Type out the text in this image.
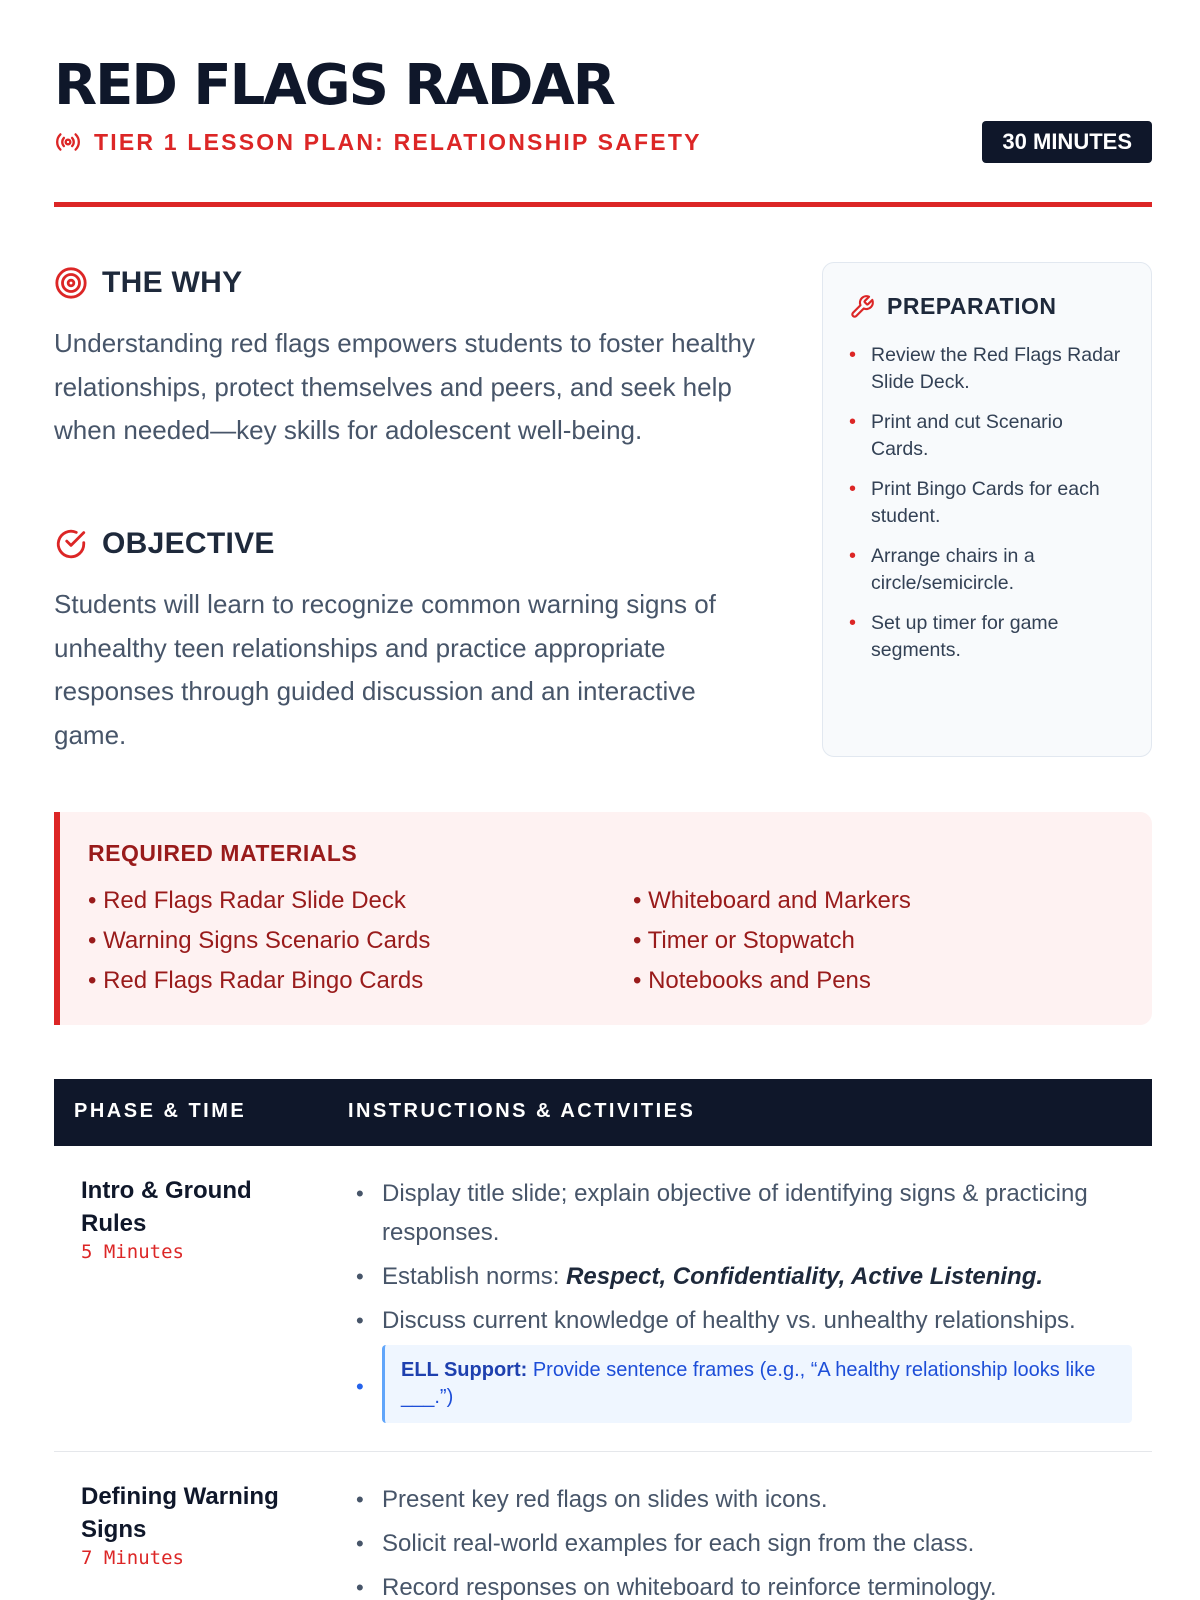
RED FLAGS RADAR
TIER 1 LESSON PLAN: RELATIONSHIP SAFETY	30 MINUTES
THE WHY

Understanding red flags empowers students to foster healthy relationships, protect themselves and peers, and seek help when needed—key skills for adolescent well-being.

OBJECTIVE

Students will learn to recognize common warning signs of unhealthy teen relationships and practice appropriate responses through guided discussion and an interactive game.

PREPARATION
• Review the Red Flags Radar Slide Deck.
• Print and cut Scenario Cards.
• Print Bingo Cards for each student.
• Arrange chairs in a circle/semicircle.
• Set up timer for game segments.
REQUIRED MATERIALS
• Red Flags Radar Slide Deck	• Whiteboard and Markers
• Warning Signs Scenario Cards	• Timer or Stopwatch
• Red Flags Radar Bingo Cards	• Notebooks and Pens
PHASE & TIME	INSTRUCTIONS & ACTIVITIES
Intro & Ground Rules
5 Minutes
• Display title slide; explain objective of identifying signs & practicing responses.
• Establish norms: Respect, Confidentiality, Active Listening.
• Discuss current knowledge of healthy vs. unhealthy relationships.
• ELL Support: Provide sentence frames (e.g., “A healthy relationship looks like ___.”)
Defining Warning Signs
7 Minutes
• Present key red flags on slides with icons.
• Solicit real-world examples for each sign from the class.
• Record responses on whiteboard to reinforce terminology.
